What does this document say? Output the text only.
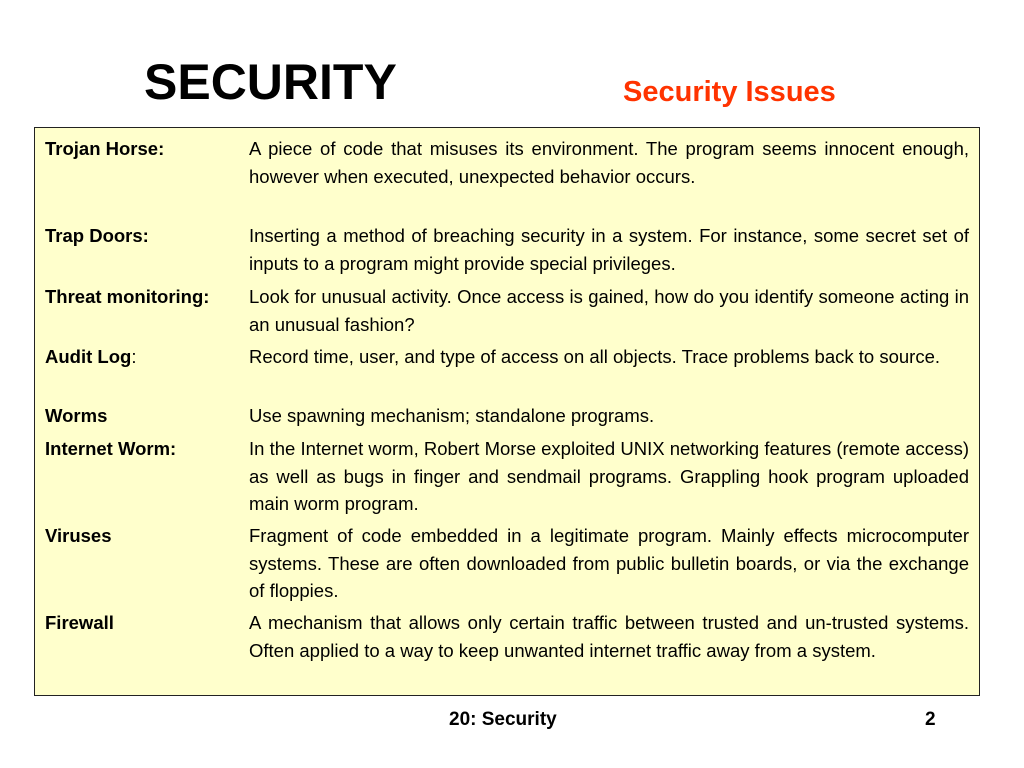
SECURITY	Security Issues
Trojan Horse:	A piece of code that misuses its environment. The program seems innocent enough, however when executed, unexpected behavior occurs.
Trap Doors:	Inserting a method of breaching security in a system. For instance, some secret set of inputs to a program might provide special privileges.
Threat monitoring: Look for unusual activity. Once access is gained, how do you identify someone acting in an unusual fashion?
Audit Log:	Record time, user, and type of access on all objects. Trace problems back to source.
Worms	Use spawning mechanism; standalone programs.
Internet Worm:	In the Internet worm, Robert Morse exploited UNIX networking features (remote access) as well as bugs in finger and sendmail programs. Grappling hook program uploaded main worm program.
Viruses	Fragment of code embedded in a legitimate program. Mainly effects microcomputer systems. These are often downloaded from public bulletin boards, or via the exchange of floppies.
Firewall	A mechanism that allows only certain traffic between trusted and un-trusted systems. Often applied to a way to keep unwanted internet traffic away from a system.
20: Security	2
